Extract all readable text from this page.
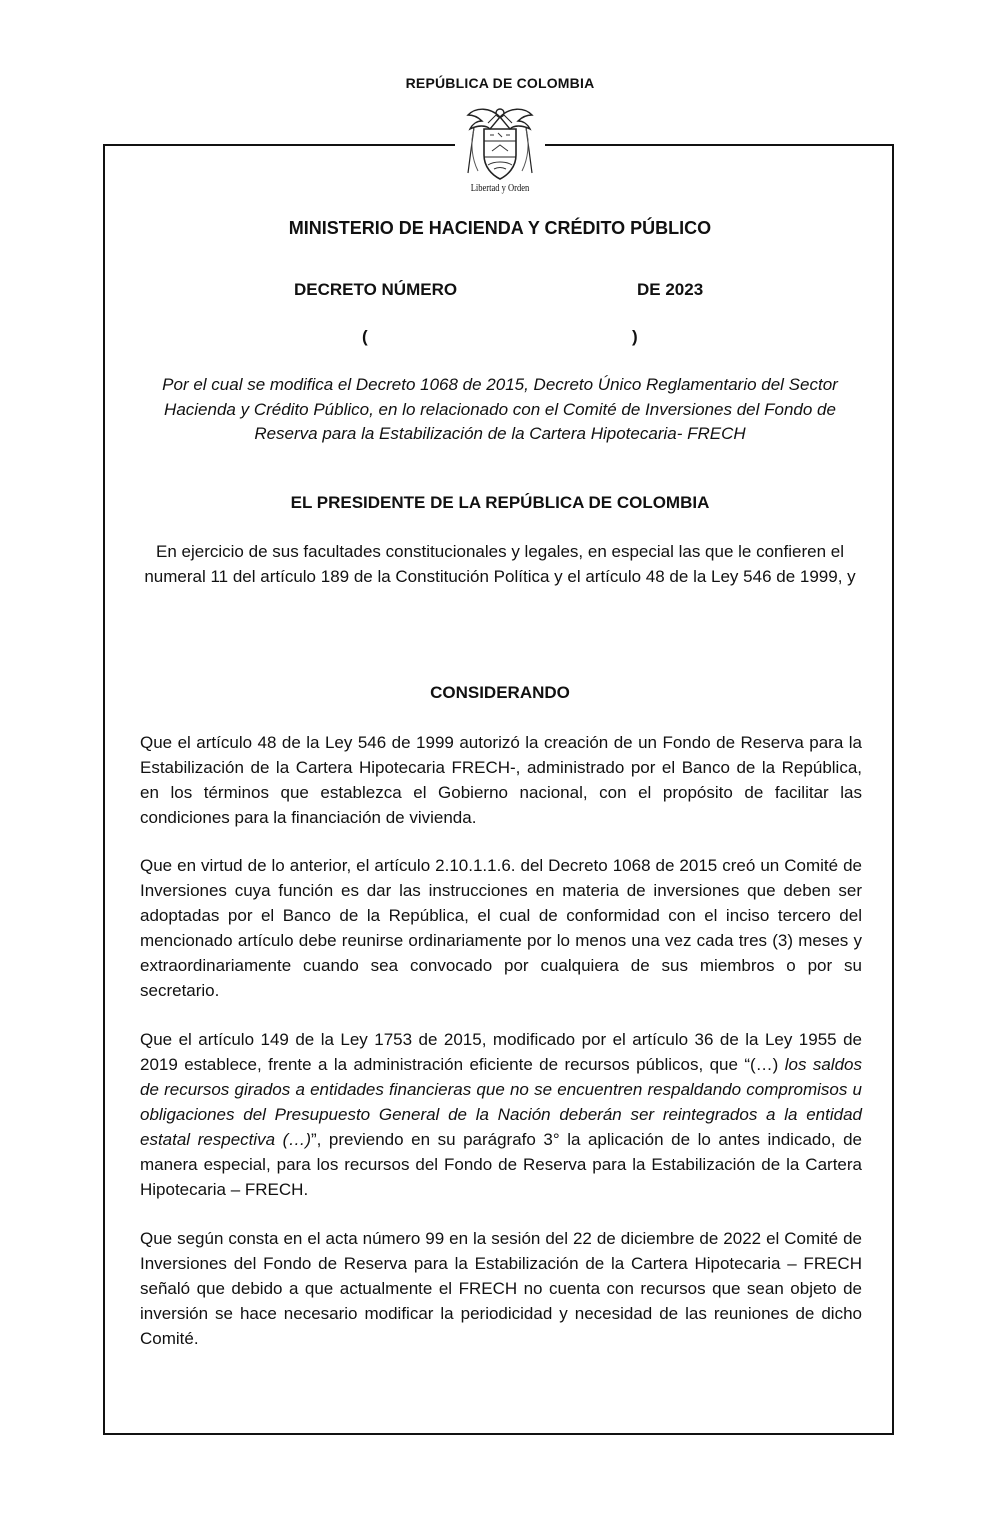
REPÚBLICA DE COLOMBIA
Libertad y Orden
MINISTERIO DE HACIENDA Y CRÉDITO PÚBLICO
DECRETO NÚMERO	DE 2023
(	)
Por el cual se modifica el Decreto 1068 de 2015, Decreto Único Reglamentario del Sector Hacienda y Crédito Público, en lo relacionado con el Comité de Inversiones del Fondo de Reserva para la Estabilización de la Cartera Hipotecaria- FRECH
EL PRESIDENTE DE LA REPÚBLICA DE COLOMBIA
En ejercicio de sus facultades constitucionales y legales, en especial las que le confieren el numeral 11 del artículo 189 de la Constitución Política y el artículo 48 de la Ley 546 de 1999, y
CONSIDERANDO

Que el artículo 48 de la Ley 546 de 1999 autorizó la creación de un Fondo de Reserva para la Estabilización de la Cartera Hipotecaria FRECH-, administrado por el Banco de la República, en los términos que establezca el Gobierno nacional, con el propósito de facilitar las condiciones para la financiación de vivienda.

Que en virtud de lo anterior, el artículo 2.10.1.1.6. del Decreto 1068 de 2015 creó un Comité de Inversiones cuya función es dar las instrucciones en materia de inversiones que deben ser adoptadas por el Banco de la República, el cual de conformidad con el inciso tercero del mencionado artículo debe reunirse ordinariamente por lo menos una vez cada tres (3) meses y extraordinariamente cuando sea convocado por cualquiera de sus miembros o por su secretario.

Que el artículo 149 de la Ley 1753 de 2015, modificado por el artículo 36 de la Ley 1955 de 2019 establece, frente a la administración eficiente de recursos públicos, que “(…) los saldos de recursos girados a entidades financieras que no se encuentren respaldando compromisos u obligaciones del Presupuesto General de la Nación deberán ser reintegrados a la entidad estatal respectiva (…)”, previendo en su parágrafo 3° la aplicación de lo antes indicado, de manera especial, para los recursos del Fondo de Reserva para la Estabilización de la Cartera Hipotecaria – FRECH.

Que según consta en el acta número 99 en la sesión del 22 de diciembre de 2022 el Comité de Inversiones del Fondo de Reserva para la Estabilización de la Cartera Hipotecaria – FRECH señaló que debido a que actualmente el FRECH no cuenta con recursos que sean objeto de inversión se hace necesario modificar la periodicidad y necesidad de las reuniones de dicho Comité.
